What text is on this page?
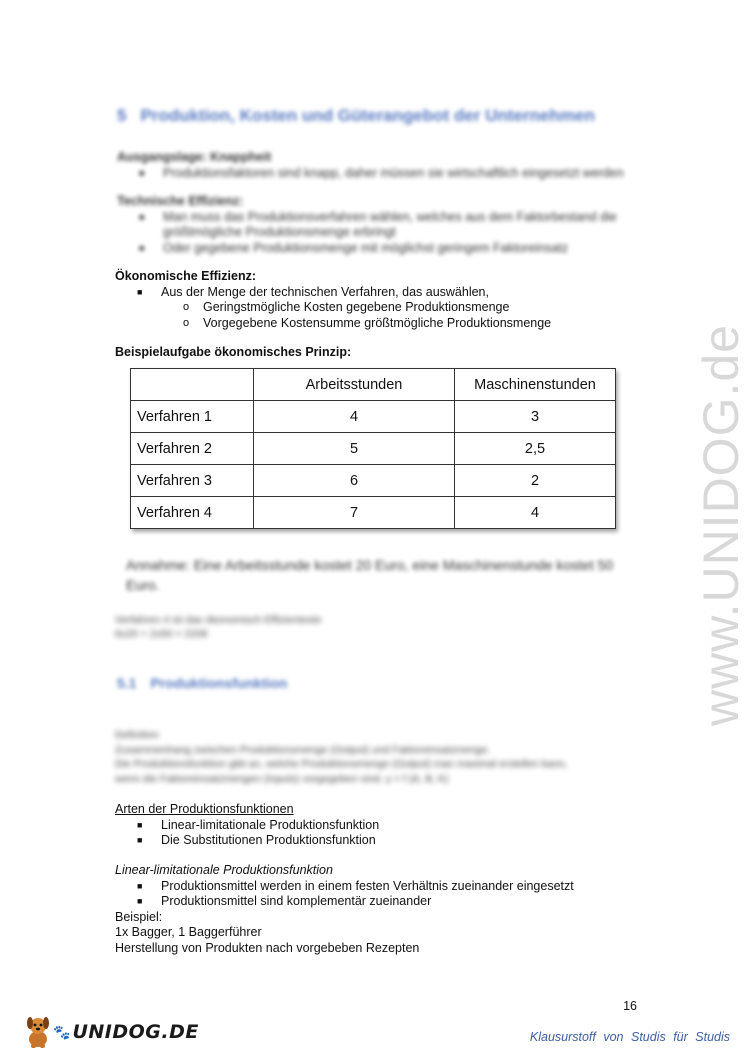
www.UNIDOG.de
5 Produktion, Kosten und Güterangebot der Unternehmen
Ausgangslage: Knappheit
■ Produktionsfaktoren sind knapp, daher müssen sie wirtschaftlich eingesetzt werden
Technische Effizienz:
■ Man muss das Produktionsverfahren wählen, welches aus dem Faktorbestand die
größtmögliche Produktionsmenge erbringt
■ Oder gegebene Produktionsmenge mit möglichst geringem Faktoreinsatz
Ökonomische Effizienz:
■ Aus der Menge der technischen Verfahren, das auswählen,
o Geringstmögliche Kosten gegebene Produktionsmenge
o Vorgegebene Kostensumme größtmögliche Produktionsmenge
Beispielaufgabe ökonomisches Prinzip:
	Arbeitsstunden	Maschinenstunden
Verfahren 1	4	3
Verfahren 2	5	2,5
Verfahren 3	6	2
Verfahren 4	7	4
Annahme: Eine Arbeitsstunde kostet 20 Euro, eine Maschinenstunde kostet 50 Euro.
Verfahren 4 ist das ökonomisch Effizienteste
6x20 + 2x50 = 220€
5.1 Produktionsfunktion
Definition
Zusammenhang zwischen Produktionsmenge (Output) und Faktoreinsatzmenge.
Die Produktionsfunktion gibt an, welche Produktionsmenge (Output) man maximal erstellen kann,
wenn die Faktoreinsatzmengen (Inputs) vorgegeben sind. y = f (A, B, K)
Arten der Produktionsfunktionen
■ Linear-limitationale Produktionsfunktion
■ Die Substitutionen Produktionsfunktion
Linear-limitationale Produktionsfunktion
■ Produktionsmittel werden in einem festen Verhältnis zueinander eingesetzt
■ Produktionsmittel sind komplementär zueinander
Beispiel:
1x Bagger, 1 Baggerführer
Herstellung von Produkten nach vorgebeben Rezepten
16
🐾 UNIDOG.DE	Klausurstoff von Studis für Studis
